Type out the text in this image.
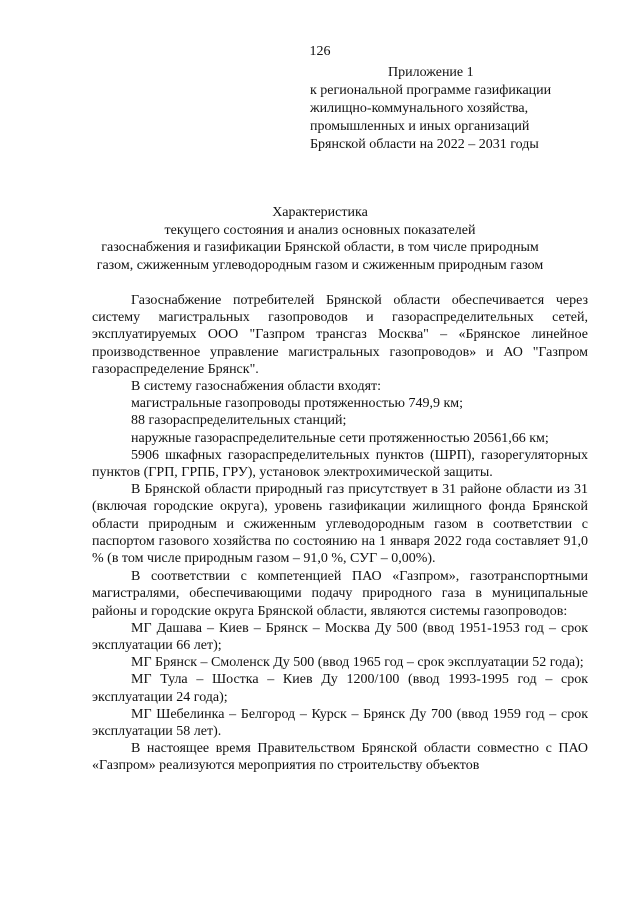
126
Приложение 1
к региональной программе газификации
жилищно-коммунального хозяйства,
промышленных и иных организаций
Брянской области на 2022 – 2031 годы
Характеристика
текущего состояния и анализ основных показателей
газоснабжения и газификации Брянской области, в том числе природным
газом, сжиженным углеводородным газом и сжиженным природным газом

Газоснабжение потребителей Брянской области обеспечивается через систему магистральных газопроводов и газораспределительных сетей, эксплуатируемых ООО "Газпром трансгаз Москва" – «Брянское линейное производственное управление магистральных газопроводов» и АО "Газпром газораспределение Брянск".

В систему газоснабжения области входят:

магистральные газопроводы протяженностью 749,9 км;

88 газораспределительных станций;

наружные газораспределительные сети протяженностью 20561,66 км;

5906 шкафных газораспределительных пунктов (ШРП), газорегуляторных пунктов (ГРП, ГРПБ, ГРУ), установок электрохимической защиты.

В Брянской области природный газ присутствует в 31 районе области из 31 (включая городские округа), уровень газификации жилищного фонда Брянской области природным и сжиженным углеводородным газом в соответствии с паспортом газового хозяйства по состоянию на 1 января 2022 года составляет 91,0 % (в том числе природным газом – 91,0 %, СУГ – 0,00%).

В соответствии с компетенцией ПАО «Газпром», газотранспортными магистралями, обеспечивающими подачу природного газа в муниципальные районы и городские округа Брянской области, являются системы газопроводов:

МГ Дашава – Киев – Брянск – Москва Ду 500 (ввод 1951-1953 год – срок эксплуатации 66 лет);

МГ Брянск – Смоленск Ду 500 (ввод 1965 год – срок эксплуатации 52 года);

МГ Тула – Шостка – Киев Ду 1200/100 (ввод 1993-1995 год – срок эксплуатации 24 года);

МГ Шебелинка – Белгород – Курск – Брянск Ду 700 (ввод 1959 год – срок эксплуатации 58 лет).

В настоящее время Правительством Брянской области совместно с ПАО «Газпром» реализуются мероприятия по строительству объектов
